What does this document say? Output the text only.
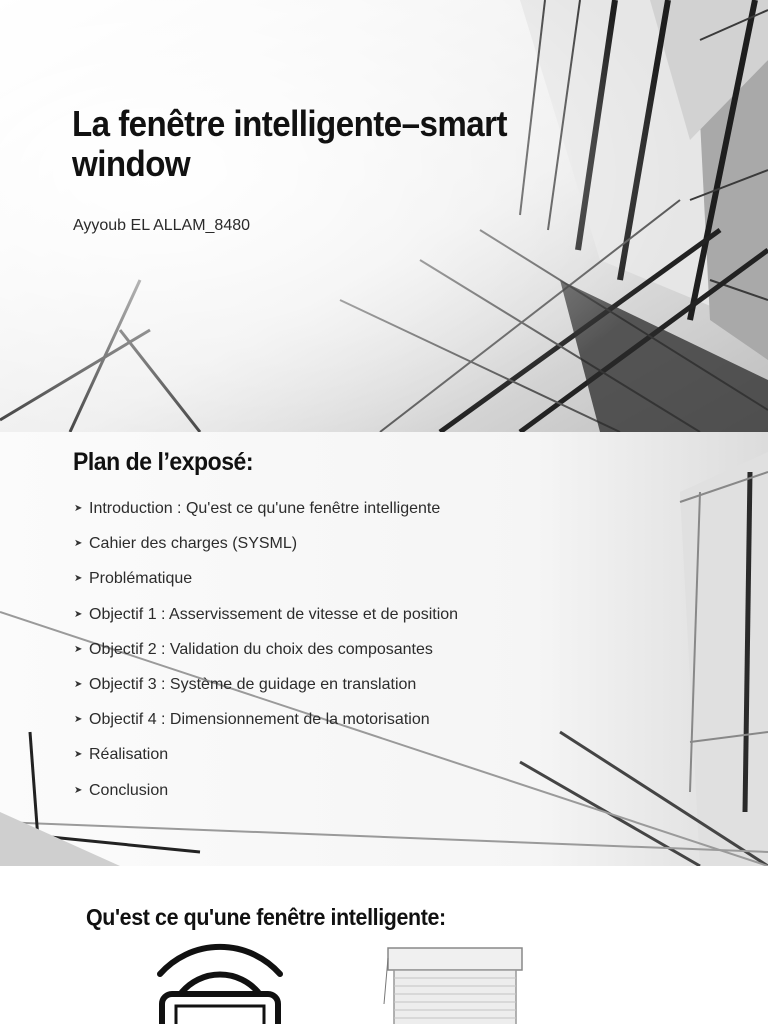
La fenêtre intelligente–smart window
Ayyoub EL ALLAM_8480
Plan de l’exposé:
➤ Introduction : Qu'est ce qu'une fenêtre intelligente
➤ Cahier des charges (SYSML)
➤ Problématique
➤ Objectif 1 : Asservissement de vitesse et de position
➤ Objectif 2 : Validation du choix des composantes
➤ Objectif 3 : Système de guidage en translation
➤ Objectif 4 : Dimensionnement de la motorisation
➤ Réalisation
➤ Conclusion
Qu'est ce qu'une fenêtre intelligente:
